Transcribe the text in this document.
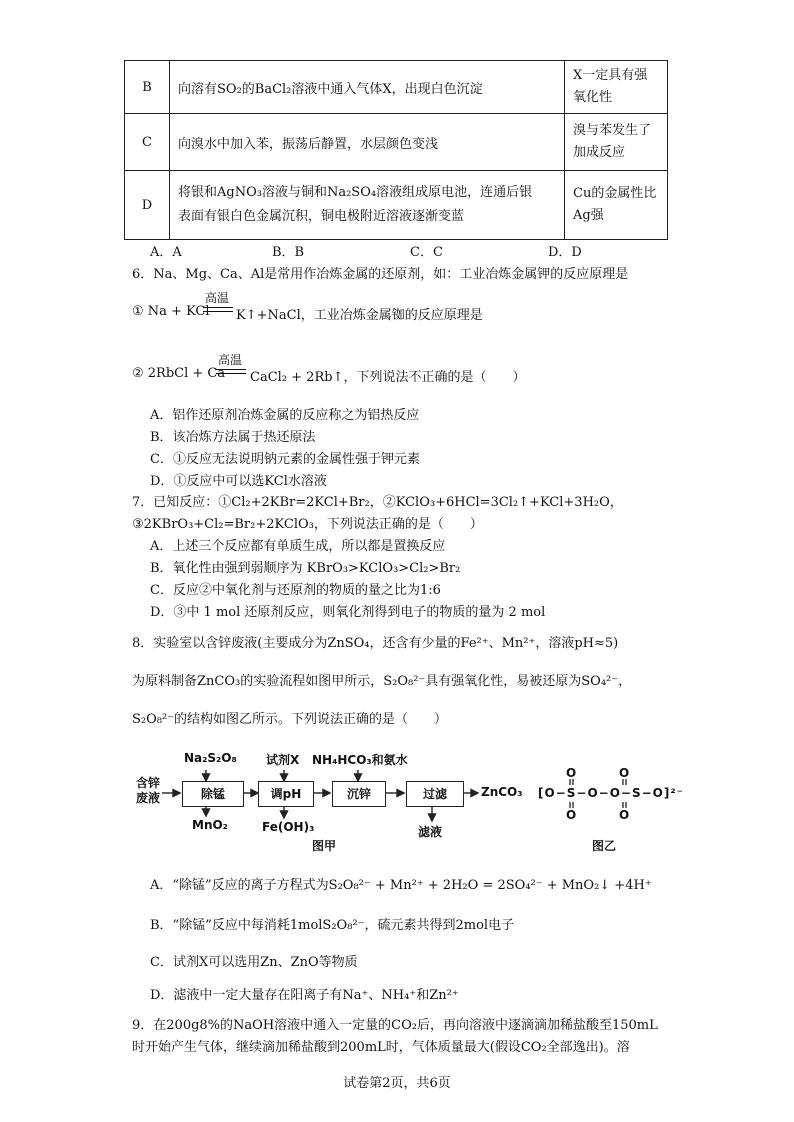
B	向溶有SO₂的BaCl₂溶液中通入气体X，出现白色沉淀	X一定具有强氧化性
C	向溴水中加入苯，振荡后静置，水层颜色变浅	溴与苯发生了加成反应
D	将银和AgNO₃溶液与铜和Na₂SO₄溶液组成原电池，连通后银
表面有银白色金属沉积，铜电极附近溶液逐渐变蓝	Cu的金属性比Ag强
A．A	B．B	C．C	D．D
6．Na、Mg、Ca、Al是常用作冶炼金属的还原剂，如：工业冶炼金属钾的反应原理是
① Na + KCl
高温
K↑+NaCl，工业冶炼金属铷的反应原理是
② 2RbCl + Ca
高温
CaCl₂ + 2Rb↑，下列说法不正确的是（　　）
A．铝作还原剂冶炼金属的反应称之为铝热反应
B．该冶炼方法属于热还原法
C．①反应无法说明钠元素的金属性强于钾元素
D．①反应中可以选KCl水溶液
7．已知反应：①Cl₂+2KBr=2KCl+Br₂，②KClO₃+6HCl=3Cl₂↑+KCl+3H₂O，
③2KBrO₃+Cl₂=Br₂+2KClO₃，下列说法正确的是（　　）
A．上述三个反应都有单质生成，所以都是置换反应
B．氧化性由强到弱顺序为 KBrO₃>KClO₃>Cl₂>Br₂
C．反应②中氧化剂与还原剂的物质的量之比为1:6
D．③中 1 mol 还原剂反应，则氧化剂得到电子的物质的量为 2 mol
8．实验室以含锌废液(主要成分为ZnSO₄，还含有少量的Fe²⁺、Mn²⁺，溶液pH≈5)
为原料制备ZnCO₃的实验流程如图甲所示，S₂O₈²⁻具有强氧化性，易被还原为SO₄²⁻，
S₂O₈²⁻的结构如图乙所示。下列说法正确的是（　　）
含锌
废液
Na₂S₂O₈ 试剂X NH₄HCO₃和氨水
除锰	调pH	沉锌	过滤	ZnCO₃
MnO₂	Fe(OH)₃	滤液
图甲
O	O
[O−S−O−O−S−O]²⁻
O	O
图乙
A．“除锰”反应的离子方程式为S₂O₈²⁻ + Mn²⁺ + 2H₂O = 2SO₄²⁻ + MnO₂↓ +4H⁺
B．“除锰”反应中每消耗1molS₂O₈²⁻，硫元素共得到2mol电子
C．试剂X可以选用Zn、ZnO等物质
D．滤液中一定大量存在阳离子有Na⁺、NH₄⁺和Zn²⁺
9．在200g8%的NaOH溶液中通入一定量的CO₂后，再向溶液中逐滴滴加稀盐酸至150mL
时开始产生气体，继续滴加稀盐酸到200mL时，气体质量最大(假设CO₂全部逸出)。溶
试卷第2页，共6页
